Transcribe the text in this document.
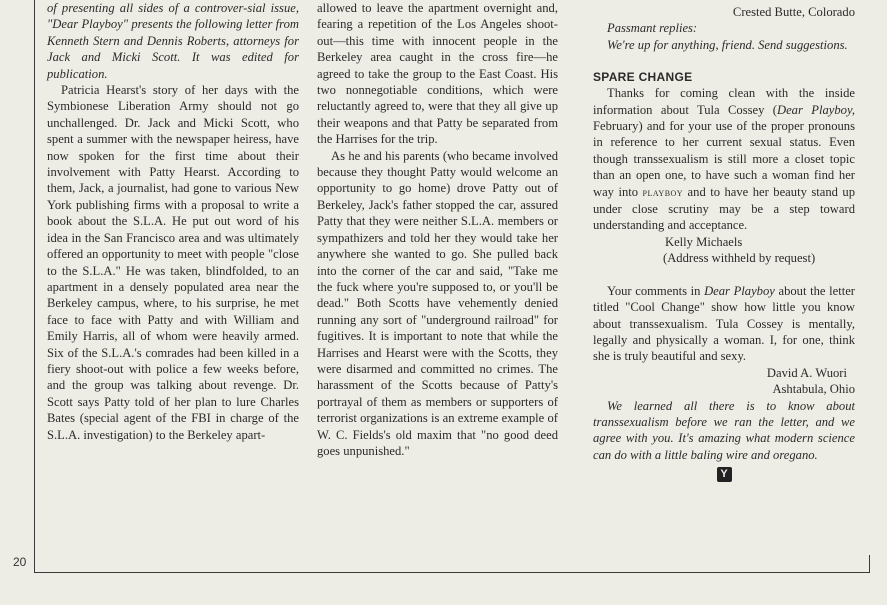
20

of presenting all sides of a controver-sial issue, "Dear Playboy" presents the following letter from Kenneth Stern and Dennis Roberts, attorneys for Jack and Micki Scott. It was edited for publication.

Patricia Hearst's story of her days with the Symbionese Liberation Army should not go unchallenged. Dr. Jack and Micki Scott, who spent a summer with the newspaper heiress, have now spoken for the first time about their involvement with Patty Hearst. According to them, Jack, a journalist, had gone to various New York publishing firms with a proposal to write a book about the S.L.A. He put out word of his idea in the San Francisco area and was ultimately offered an opportunity to meet with people "close to the S.L.A." He was taken, blindfolded, to an apartment in a densely populated area near the Berkeley campus, where, to his surprise, he met face to face with Patty and with William and Emily Harris, all of whom were heavily armed. Six of the S.L.A.'s comrades had been killed in a fiery shoot-out with police a few weeks before, and the group was talking about revenge. Dr. Scott says Patty told of her plan to lure Charles Bates (special agent of the FBI in charge of the S.L.A. investigation) to the Berkeley apart-

allowed to leave the apartment overnight and, fearing a repetition of the Los Angeles shoot-out—this time with innocent people in the Berkeley area caught in the cross fire—he agreed to take the group to the East Coast. His two nonnegotiable conditions, which were reluctantly agreed to, were that they all give up their weapons and that Patty be separated from the Harrises for the trip.

As he and his parents (who became involved because they thought Patty would welcome an opportunity to go home) drove Patty out of Berkeley, Jack's father stopped the car, assured Patty that they were neither S.L.A. members or sympathizers and told her they would take her anywhere she wanted to go. She pulled back into the corner of the car and said, "Take me the fuck where you're supposed to, or you'll be dead." Both Scotts have vehemently denied running any sort of "underground railroad" for fugitives. It is important to note that while the Harrises and Hearst were with the Scotts, they were disarmed and committed no crimes. The harassment of the Scotts because of Patty's portrayal of them as members or supporters of terrorist organizations is an extreme example of W. C. Fields's old maxim that "no good deed goes unpunished."

Crested Butte, Colorado

Passmant replies:

We're up for anything, friend. Send suggestions.

SPARE CHANGE

Thanks for coming clean with the inside information about Tula Cossey (Dear Playboy, February) and for your use of the proper pronouns in reference to her current sexual status. Even though transsexualism is still more a closet topic than an open one, to have such a woman find her way into playboy and to have her beauty stand up under close scrutiny may be a step toward understanding and acceptance.

Kelly Michaels

(Address withheld by request)

Your comments in Dear Playboy about the letter titled "Cool Change" show how little you know about transsexualism. Tula Cossey is mentally, legally and physically a woman. I, for one, think she is truly beautiful and sexy.

David A. Wuori

Ashtabula, Ohio

We learned all there is to know about transsexualism before we ran the letter, and we agree with you. It's amazing what modern science can do with a little baling wire and oregano.

Y
